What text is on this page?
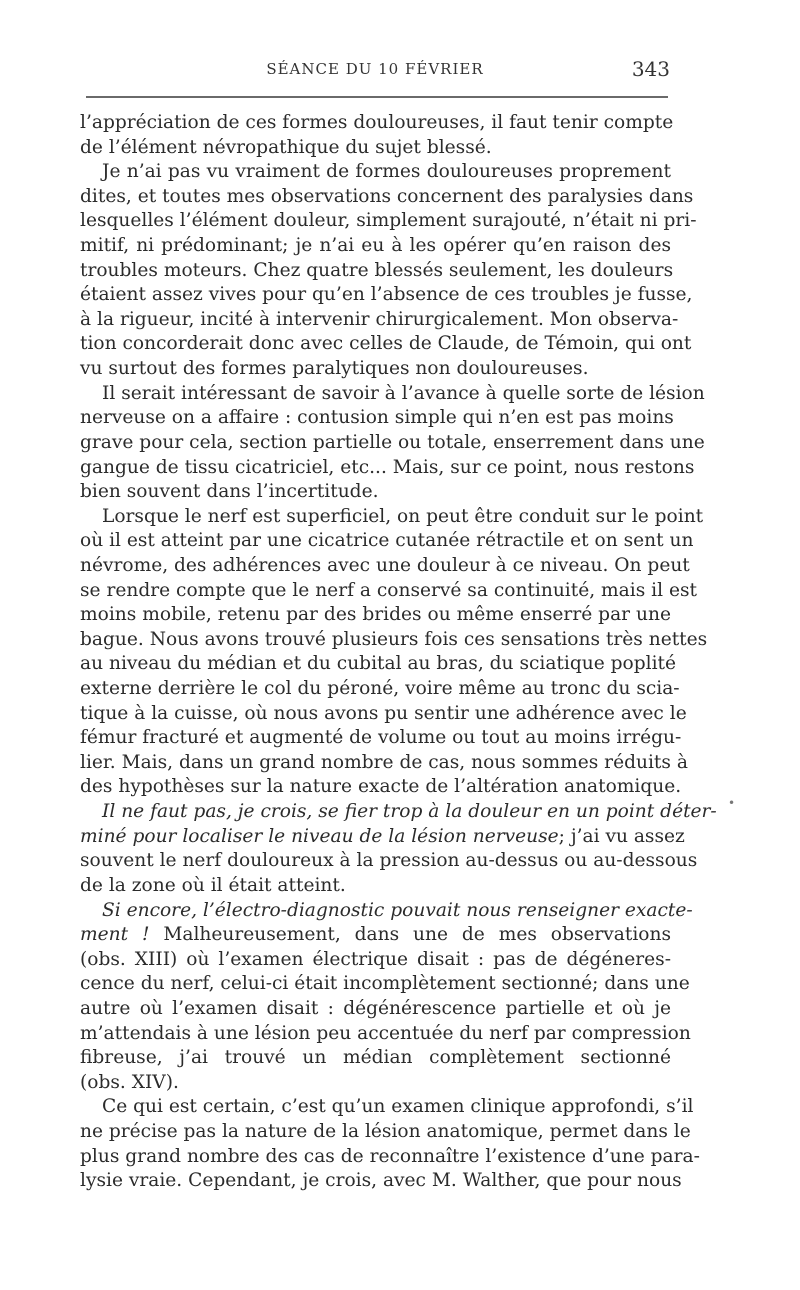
SÉANCE DU 10 FÉVRIER	343
•
l’appréciation de ces formes douloureuses, il faut tenir compte
de l’élément névropathique du sujet blessé.
Je n’ai pas vu vraiment de formes douloureuses proprement
dites, et toutes mes observations concernent des paralysies dans
lesquelles l’élément douleur, simplement surajouté, n’était ni pri-
mitif, ni prédominant; je n’ai eu à les opérer qu’en raison des
troubles moteurs. Chez quatre blessés seulement, les douleurs
étaient assez vives pour qu’en l’absence de ces troubles je fusse,
à la rigueur, incité à intervenir chirurgicalement. Mon observa-
tion concorderait donc avec celles de Claude, de Témoin, qui ont
vu surtout des formes paralytiques non douloureuses.
Il serait intéressant de savoir à l’avance à quelle sorte de lésion
nerveuse on a affaire : contusion simple qui n’en est pas moins
grave pour cela, section partielle ou totale, enserrement dans une
gangue de tissu cicatriciel, etc... Mais, sur ce point, nous restons
bien souvent dans l’incertitude.
Lorsque le nerf est superficiel, on peut être conduit sur le point
où il est atteint par une cicatrice cutanée rétractile et on sent un
névrome, des adhérences avec une douleur à ce niveau. On peut
se rendre compte que le nerf a conservé sa continuité, mais il est
moins mobile, retenu par des brides ou même enserré par une
bague. Nous avons trouvé plusieurs fois ces sensations très nettes
au niveau du médian et du cubital au bras, du sciatique poplité
externe derrière le col du péroné, voire même au tronc du scia-
tique à la cuisse, où nous avons pu sentir une adhérence avec le
fémur fracturé et augmenté de volume ou tout au moins irrégu-
lier. Mais, dans un grand nombre de cas, nous sommes réduits à
des hypothèses sur la nature exacte de l’altération anatomique.
Il ne faut pas, je crois, se fier trop à la douleur en un point déter-
miné pour localiser le niveau de la lésion nerveuse; j’ai vu assez
souvent le nerf douloureux à la pression au-dessus ou au-dessous
de la zone où il était atteint.
Si encore, l’électro-diagnostic pouvait nous renseigner exacte-
ment ! Malheureusement, dans une de mes observations
(obs. XIII) où l’examen électrique disait : pas de dégéneres-
cence du nerf, celui-ci était incomplètement sectionné; dans une
autre où l’examen disait : dégénérescence partielle et où je
m’attendais à une lésion peu accentuée du nerf par compression
fibreuse, j’ai trouvé un médian complètement sectionné
(obs. XIV).
Ce qui est certain, c’est qu’un examen clinique approfondi, s’il
ne précise pas la nature de la lésion anatomique, permet dans le
plus grand nombre des cas de reconnaître l’existence d’une para-
lysie vraie. Cependant, je crois, avec M. Walther, que pour nous
